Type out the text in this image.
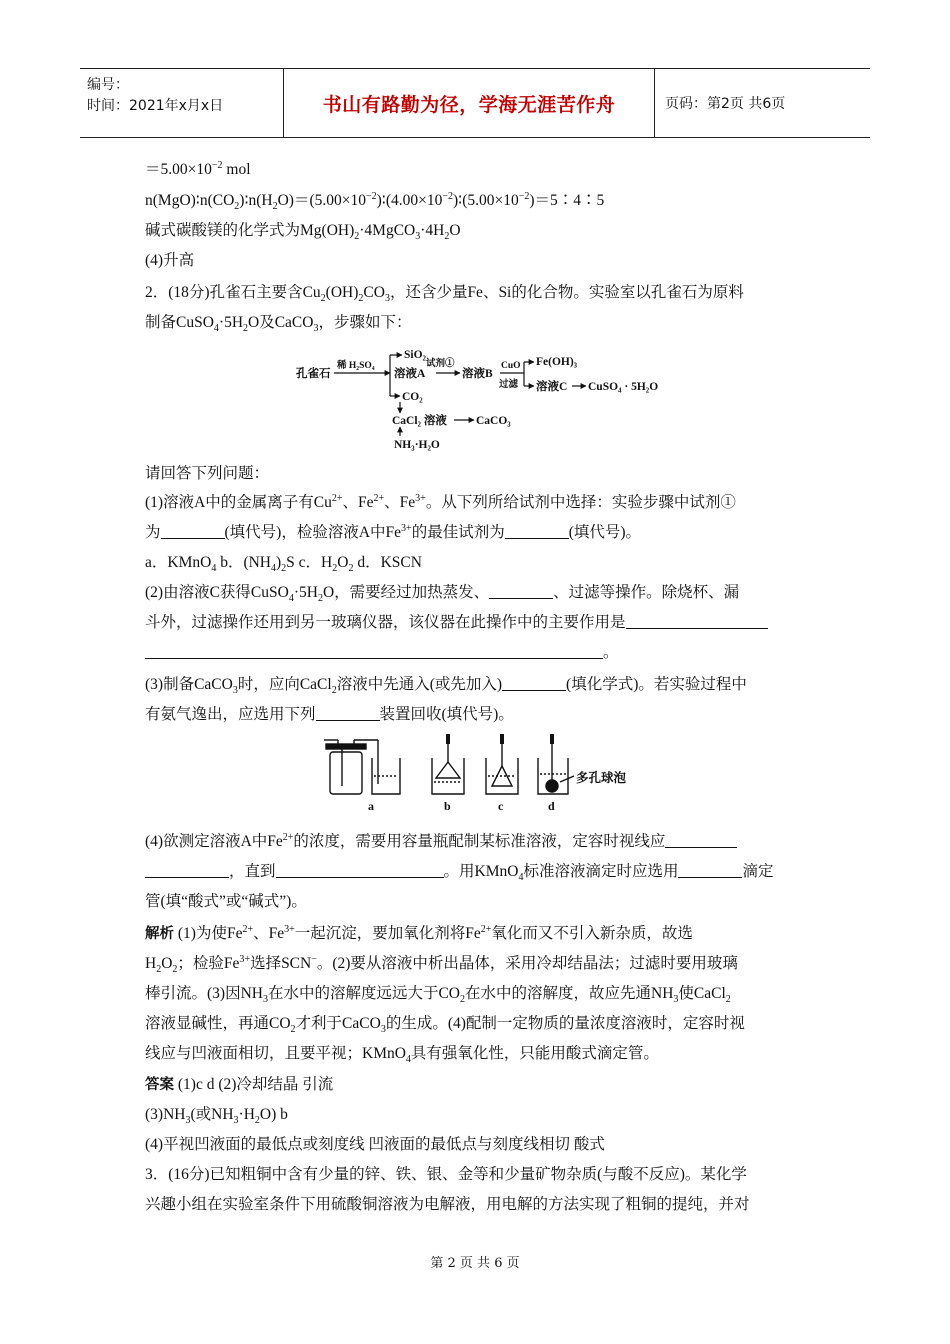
编号：
时间：2021年x月x日	书山有路勤为径，学海无涯苦作舟	页码：第2页 共6页
$=5.00\times 10^{-2}$ mol
$n(MgO)∶n(CO_2)∶n(H_2O)=(5.00\times 10^{-2})∶(4.00\times 10^{-2})∶(5.00\times 10^{-2})=5∶4∶5$
碱式碳酸镁的化学式为$Mg(OH)_2\cdot 4MgCO_3\cdot 4H_2O$
(4)升高
2．(18分)孔雀石主要含$Cu_2(OH)_2CO_3$，还含少量Fe、Si的化合物。实验室以孔雀石为原料
制备$CuSO_4\cdot 5H_2O$及CaCO$_3$，步骤如下：
孔雀石
稀 H₂SO₄
SiO₂
溶液A
试剂①
溶液B
CuO
过滤
Fe(OH)₃
溶液C CuSO₄ · 5H₂O
CO₂
CaCl₂ 溶液	CaCO₃
NH₃·H₂O
请回答下列问题：
(1)溶液A中的金属离子有$Cu^{2+}$、$Fe^{2+}$、$Fe^{3+}$。从下列所给试剂中选择：实验步骤中试剂①
为	(填代号)，检验溶液A中$Fe^{3+}$的最佳试剂为	(填代号)。
a．KMnO$_4$ b．$(NH_4)_2S$ c．$H_2O_2$ d．KSCN
(2)由溶液C获得$CuSO_4\cdot 5H_2O$，需要经过加热蒸发、	、过滤等操作。除烧杯、漏
斗外，过滤操作还用到另一玻璃仪器，该仪器在此操作中的主要作用是
。
(3)制备CaCO$_3$时，应向CaCl$_2$溶液中先通入(或先加入)	(填化学式)。若实验过程中
有氨气逸出，应选用下列	装置回收(填代号)。
a	b	c	d
多孔球泡
(4)欲测定溶液A中$Fe^{2+}$的浓度，需要用容量瓶配制某标准溶液，定容时视线应
，直到	。用KMnO$_4$标准溶液滴定时应选用	滴定
管(填“酸式”或“碱式”)。
解析 (1)为使$Fe^{2+}$、$Fe^{3+}$一起沉淀，要加氧化剂将$Fe^{2+}$氧化而又不引入新杂质，故选
$H_2O_2$；检验$Fe^{3+}$选择SCN−。(2)要从溶液中析出晶体，采用冷却结晶法；过滤时要用玻璃
棒引流。(3)因$NH_3$在水中的溶解度远远大于$CO_2$在水中的溶解度，故应先通$NH_3$使CaCl$_2$
溶液显碱性，再通$CO_2$才利于CaCO$_3$的生成。(4)配制一定物质的量浓度溶液时，定容时视
线应与凹液面相切，且要平视；KMnO$_4$具有强氧化性，只能用酸式滴定管。
答案 (1)c d (2)冷却结晶 引流
$(3)NH_3$(或$NH_3\cdot H_2O$) b
(4)平视凹液面的最低点或刻度线 凹液面的最低点与刻度线相切 酸式
3．(16分)已知粗铜中含有少量的锌、铁、银、金等和少量矿物杂质(与酸不反应)。某化学
兴趣小组在实验室条件下用硫酸铜溶液为电解液，用电解的方法实现了粗铜的提纯，并对
第 2 页 共 6 页
